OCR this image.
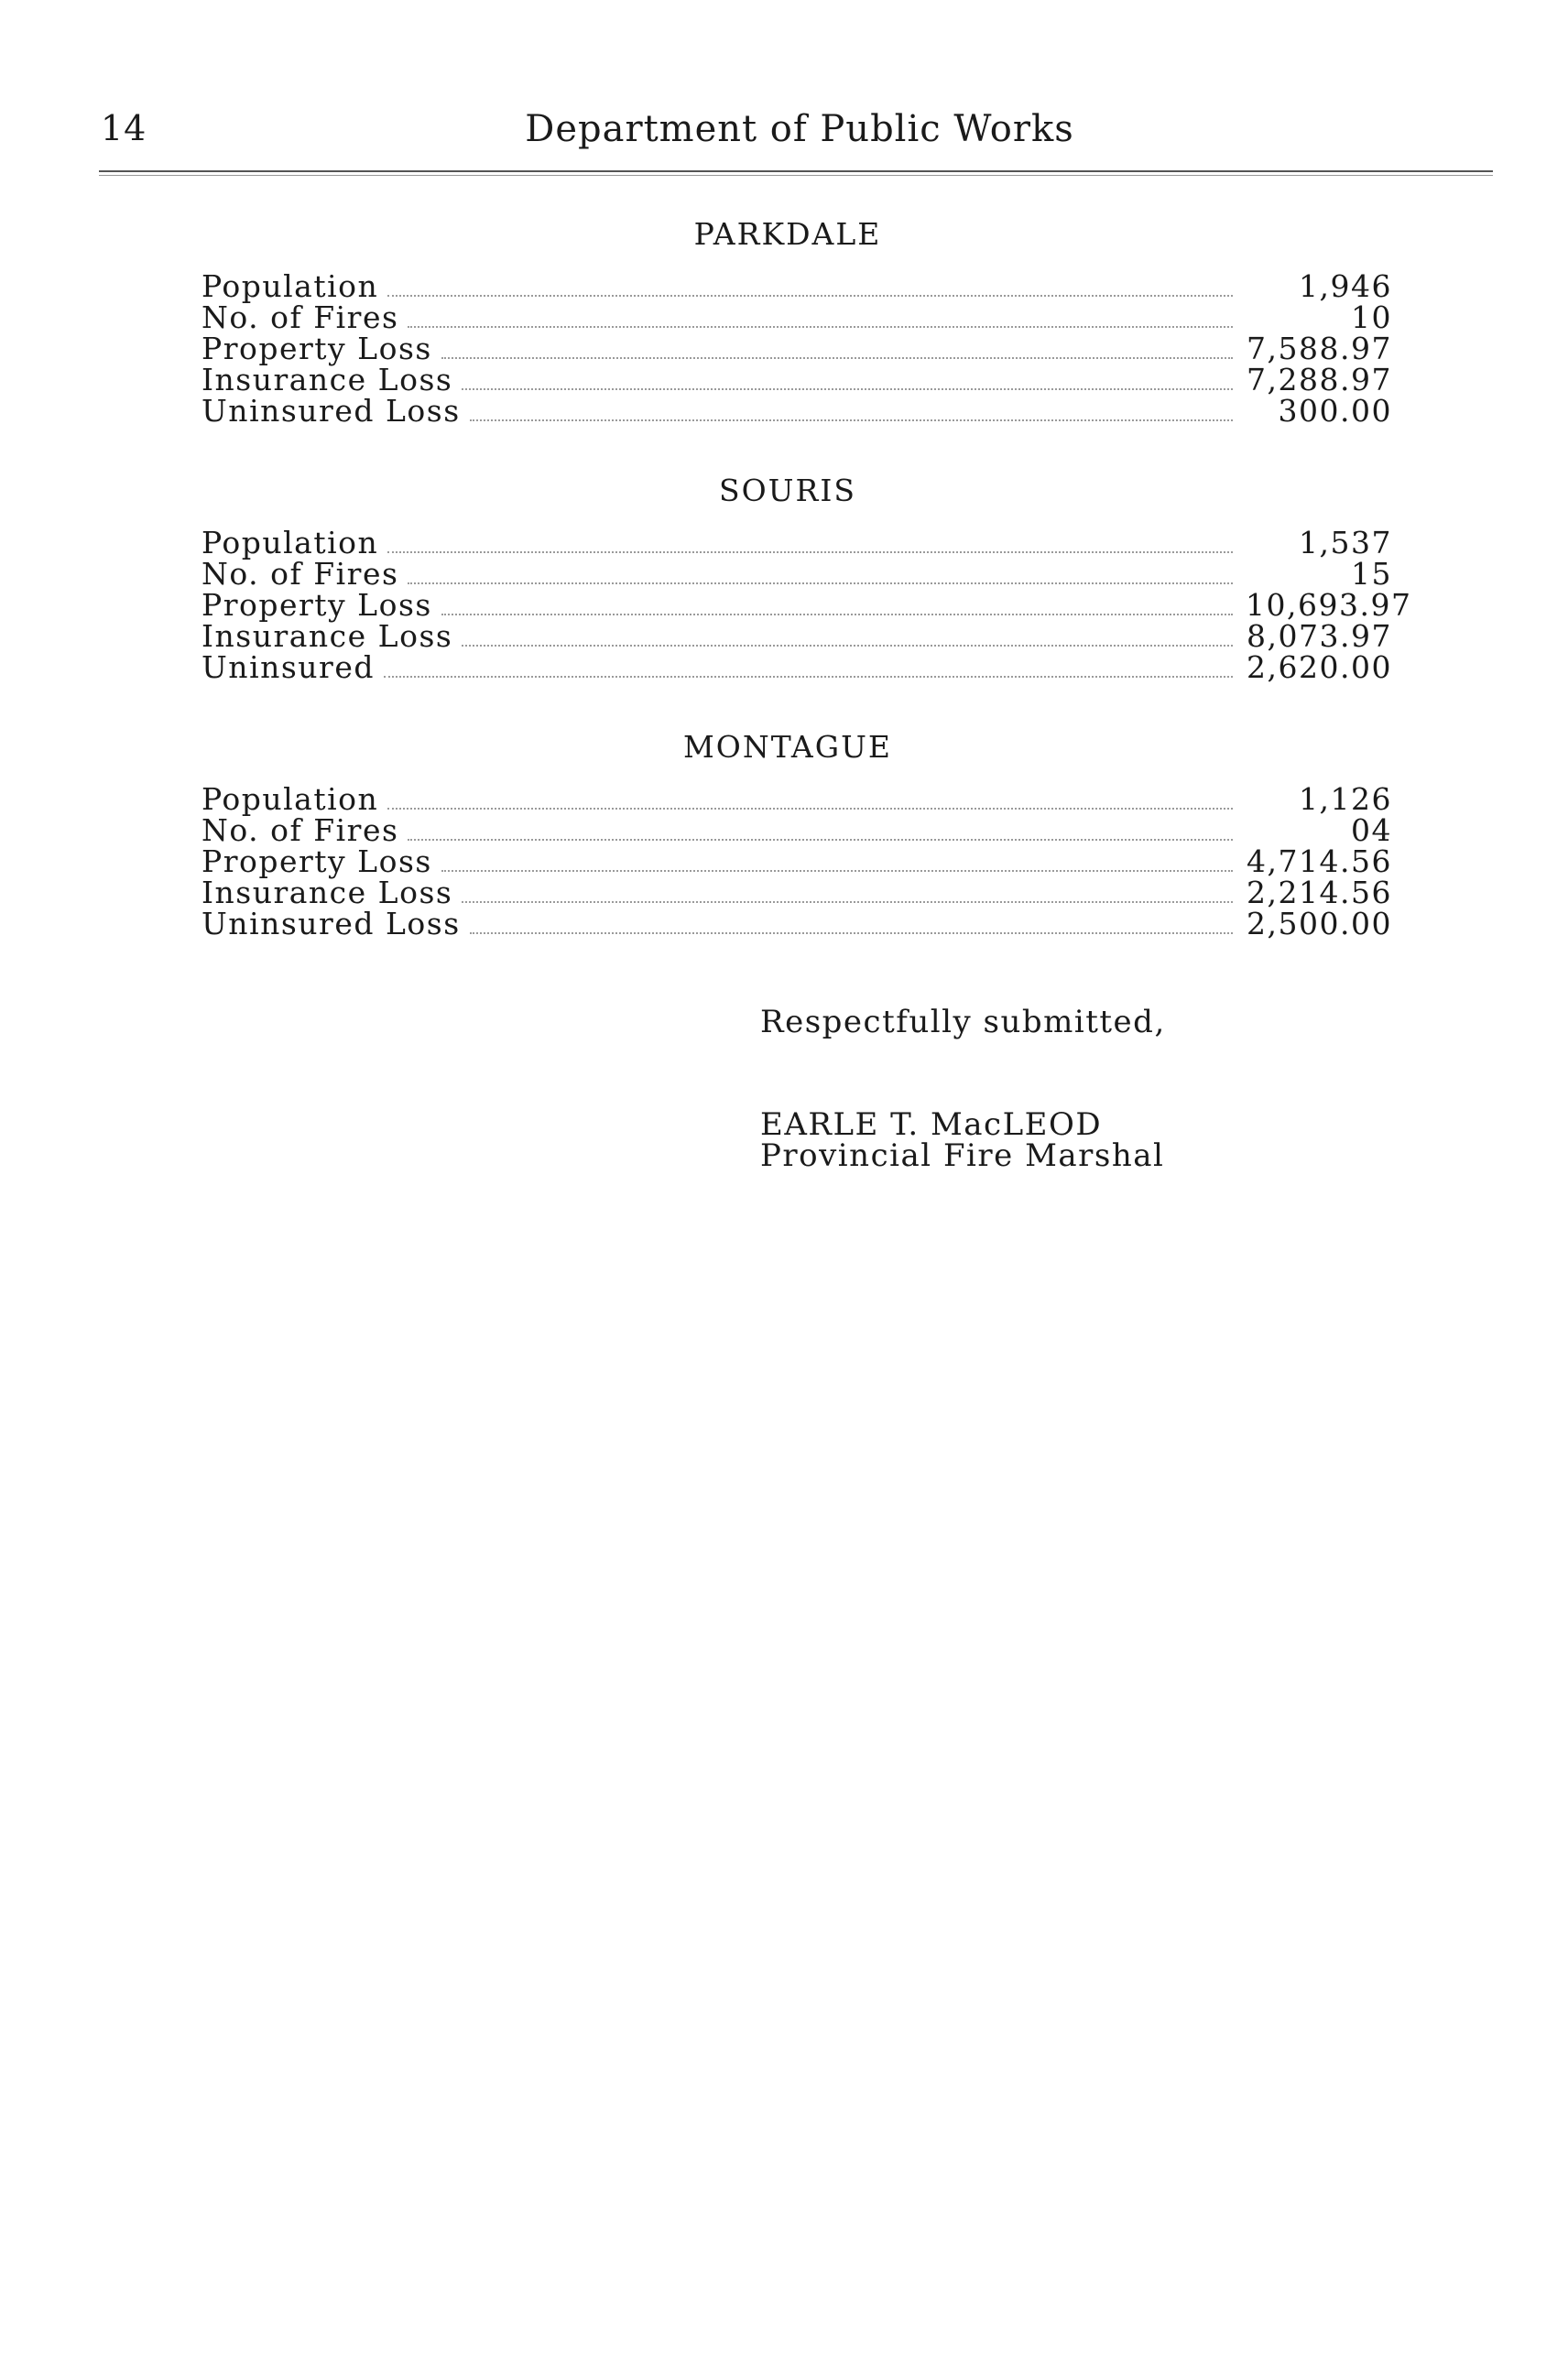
14	Department of Public Works
PARKDALE
Population	1,946
No. of Fires	10
Property Loss	7,588.97
Insurance Loss	7,288.97
Uninsured Loss	300.00
SOURIS
Population	1,537
No. of Fires	15
Property Loss	10,693.97
Insurance Loss	8,073.97
Uninsured	2,620.00
MONTAGUE
Population	1,126
No. of Fires	04
Property Loss	4,714.56
Insurance Loss	2,214.56
Uninsured Loss	2,500.00
Respectfully submitted,
EARLE T. MacLEOD
Provincial Fire Marshal
